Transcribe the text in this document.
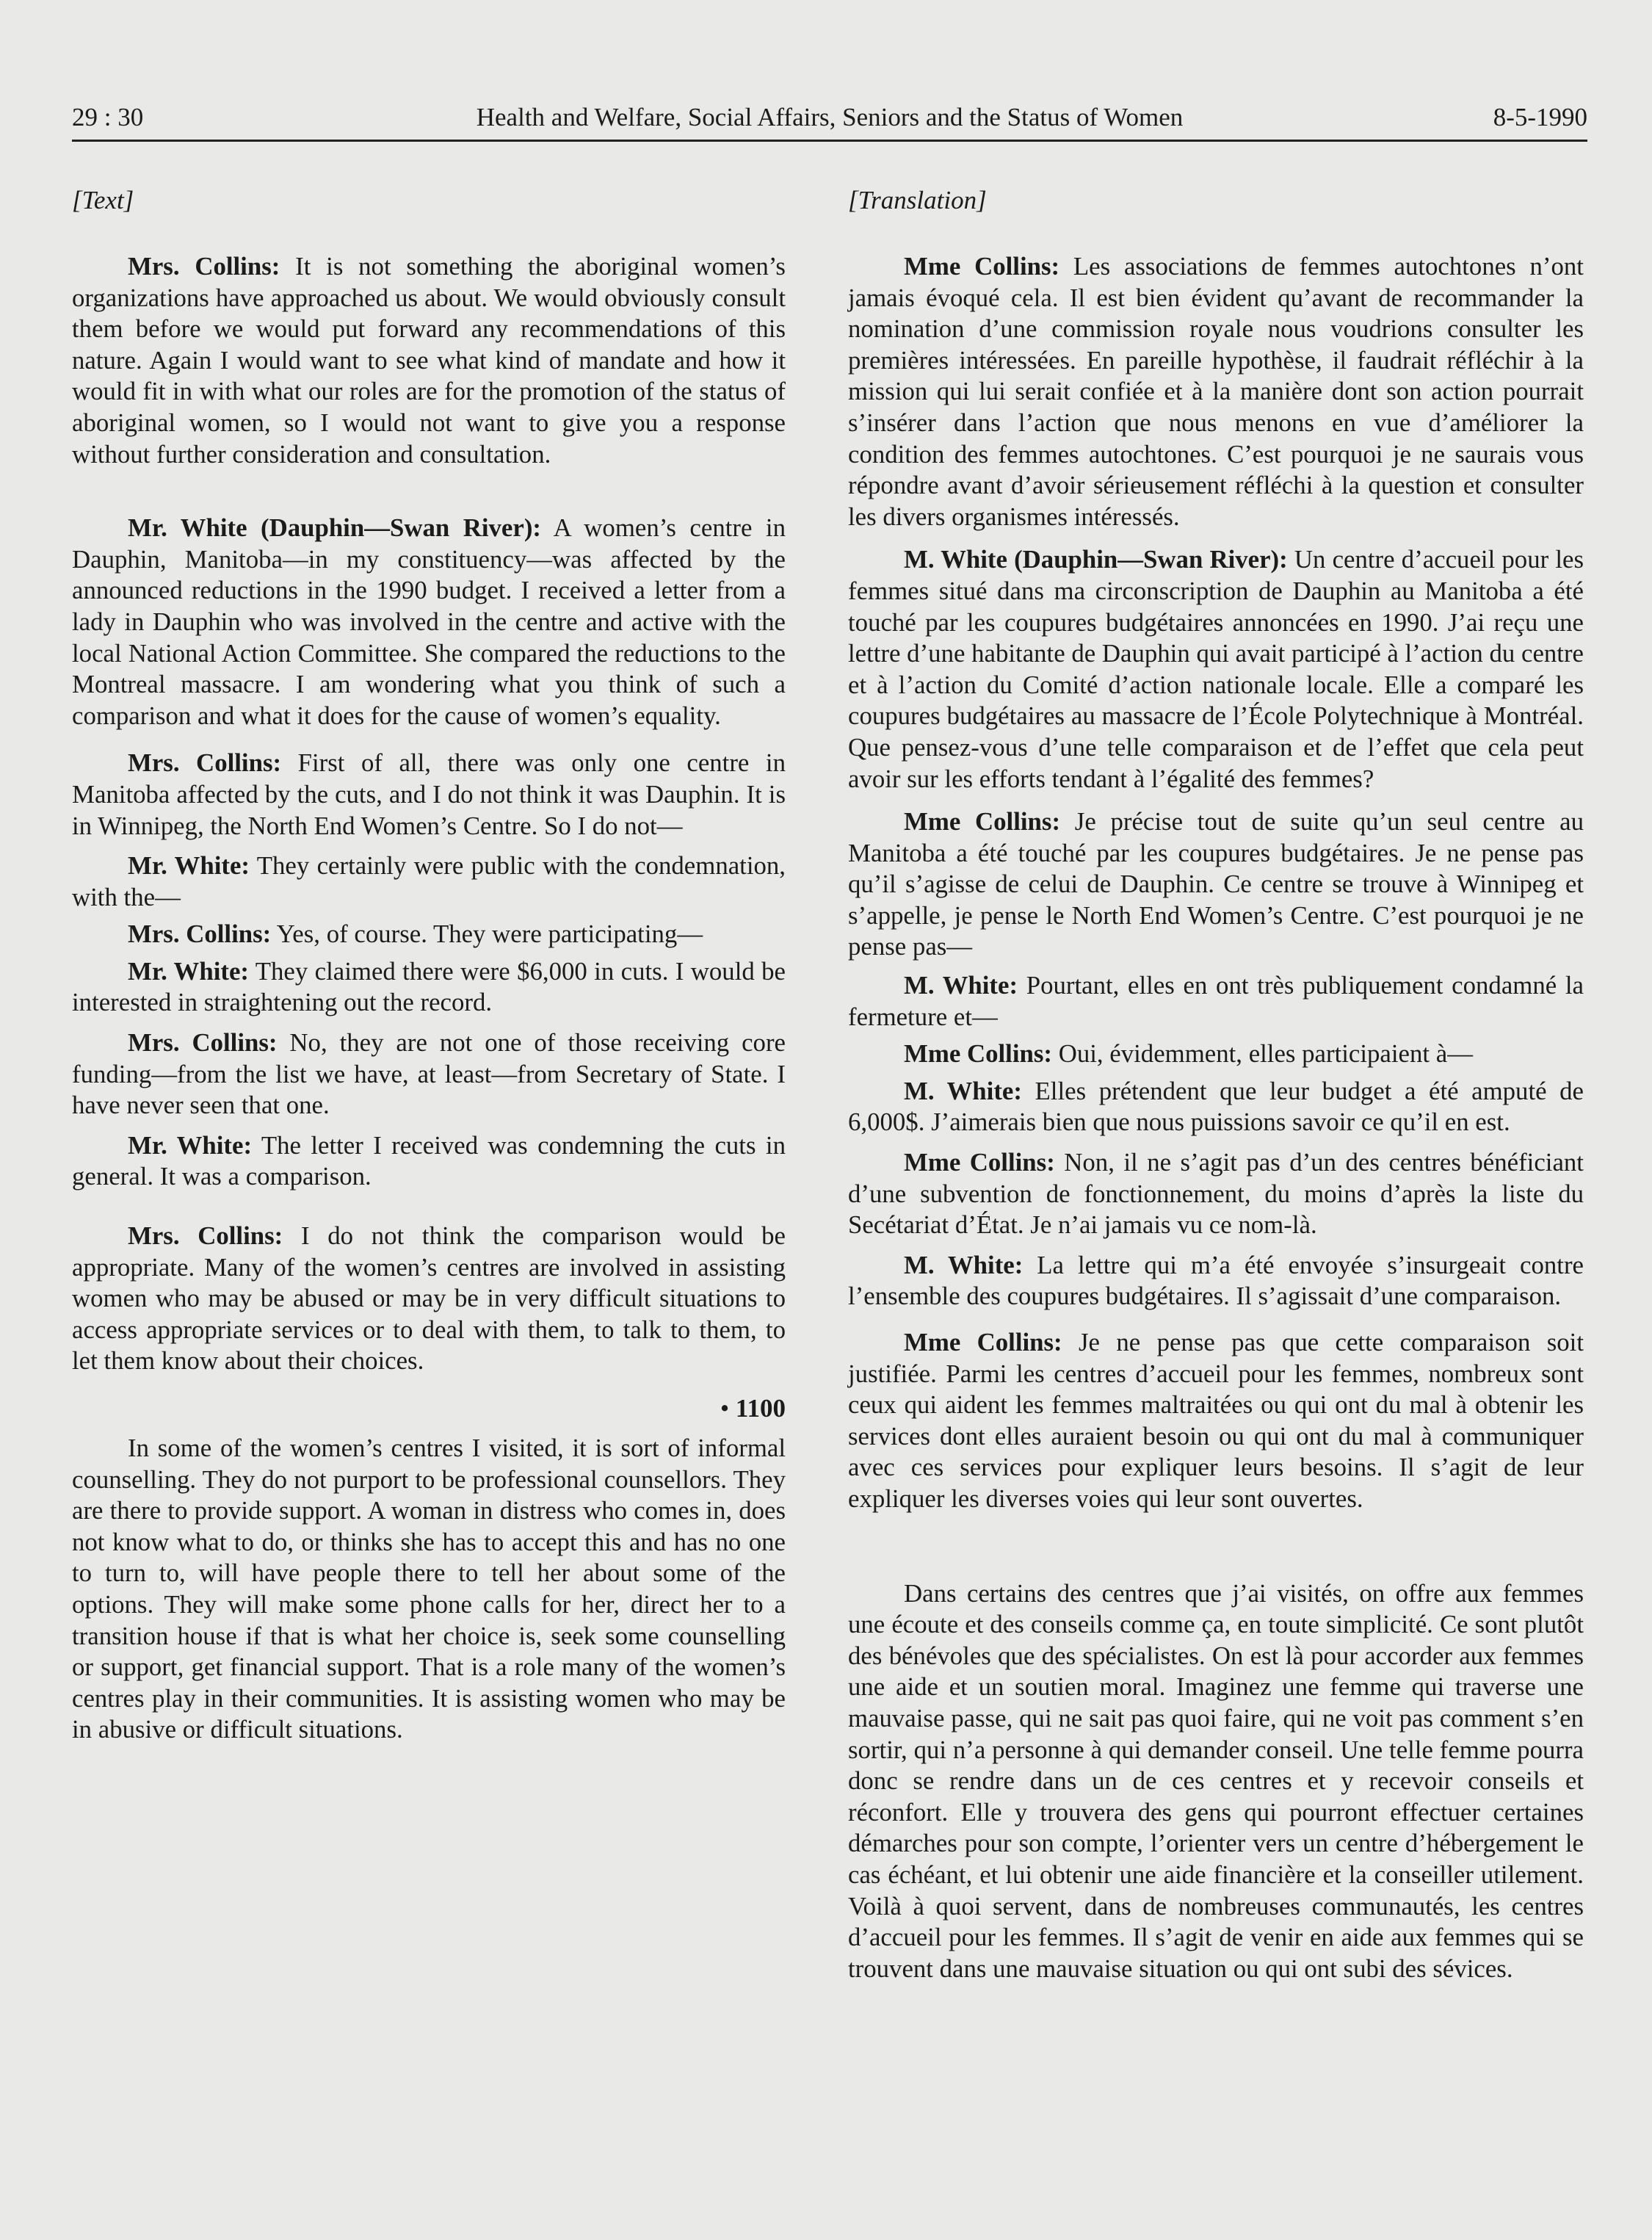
29 : 30	Health and Welfare, Social Affairs, Seniors and the Status of Women	8-5-1990
[Text]

Mrs. Collins: It is not something the aboriginal women’s organizations have approached us about. We would obviously consult them before we would put forward any recommendations of this nature. Again I would want to see what kind of mandate and how it would fit in with what our roles are for the promotion of the status of aboriginal women, so I would not want to give you a response without further consideration and consultation.

Mr. White (Dauphin—Swan River): A women’s centre in Dauphin, Manitoba—in my constituency—was affected by the announced reductions in the 1990 budget. I received a letter from a lady in Dauphin who was involved in the centre and active with the local National Action Committee. She compared the reductions to the Montreal massacre. I am wondering what you think of such a comparison and what it does for the cause of women’s equality.

Mrs. Collins: First of all, there was only one centre in Manitoba affected by the cuts, and I do not think it was Dauphin. It is in Winnipeg, the North End Women’s Centre. So I do not—

Mr. White: They certainly were public with the condemnation, with the—

Mrs. Collins: Yes, of course. They were participating—

Mr. White: They claimed there were $6,000 in cuts. I would be interested in straightening out the record.

Mrs. Collins: No, they are not one of those receiving core funding—from the list we have, at least—from Secretary of State. I have never seen that one.

Mr. White: The letter I received was condemning the cuts in general. It was a comparison.

Mrs. Collins: I do not think the comparison would be appropriate. Many of the women’s centres are involved in assisting women who may be abused or may be in very difficult situations to access appropriate services or to deal with them, to talk to them, to let them know about their choices.

• 1100

In some of the women’s centres I visited, it is sort of informal counselling. They do not purport to be professional counsellors. They are there to provide support. A woman in distress who comes in, does not know what to do, or thinks she has to accept this and has no one to turn to, will have people there to tell her about some of the options. They will make some phone calls for her, direct her to a transition house if that is what her choice is, seek some counselling or support, get financial support. That is a role many of the women’s centres play in their communities. It is assisting women who may be in abusive or difficult situations.

[Translation]

Mme Collins: Les associations de femmes autochtones n’ont jamais évoqué cela. Il est bien évident qu’avant de recommander la nomination d’une commission royale nous voudrions consulter les premières intéressées. En pareille hypothèse, il faudrait réfléchir à la mission qui lui serait confiée et à la manière dont son action pourrait s’insérer dans l’action que nous menons en vue d’améliorer la condition des femmes autochtones. C’est pourquoi je ne saurais vous répondre avant d’avoir sérieusement réfléchi à la question et consulter les divers organismes intéressés.

M. White (Dauphin—Swan River): Un centre d’accueil pour les femmes situé dans ma circonscription de Dauphin au Manitoba a été touché par les coupures budgétaires annoncées en 1990. J’ai reçu une lettre d’une habitante de Dauphin qui avait participé à l’action du centre et à l’action du Comité d’action nationale locale. Elle a comparé les coupures budgétaires au massacre de l’École Polytechnique à Montréal. Que pensez-vous d’une telle comparaison et de l’effet que cela peut avoir sur les efforts tendant à l’égalité des femmes?

Mme Collins: Je précise tout de suite qu’un seul centre au Manitoba a été touché par les coupures budgétaires. Je ne pense pas qu’il s’agisse de celui de Dauphin. Ce centre se trouve à Winnipeg et s’appelle, je pense le North End Women’s Centre. C’est pourquoi je ne pense pas—

M. White: Pourtant, elles en ont très publiquement condamné la fermeture et—

Mme Collins: Oui, évidemment, elles participaient à—

M. White: Elles prétendent que leur budget a été amputé de 6,000$. J’aimerais bien que nous puissions savoir ce qu’il en est.

Mme Collins: Non, il ne s’agit pas d’un des centres bénéficiant d’une subvention de fonctionnement, du moins d’après la liste du Secétariat d’État. Je n’ai jamais vu ce nom-là.

M. White: La lettre qui m’a été envoyée s’insurgeait contre l’ensemble des coupures budgétaires. Il s’agissait d’une comparaison.

Mme Collins: Je ne pense pas que cette comparaison soit justifiée. Parmi les centres d’accueil pour les femmes, nombreux sont ceux qui aident les femmes maltraitées ou qui ont du mal à obtenir les services dont elles auraient besoin ou qui ont du mal à communiquer avec ces services pour expliquer leurs besoins. Il s’agit de leur expliquer les diverses voies qui leur sont ouvertes.

Dans certains des centres que j’ai visités, on offre aux femmes une écoute et des conseils comme ça, en toute simplicité. Ce sont plutôt des bénévoles que des spécialistes. On est là pour accorder aux femmes une aide et un soutien moral. Imaginez une femme qui traverse une mauvaise passe, qui ne sait pas quoi faire, qui ne voit pas comment s’en sortir, qui n’a personne à qui demander conseil. Une telle femme pourra donc se rendre dans un de ces centres et y recevoir conseils et réconfort. Elle y trouvera des gens qui pourront effectuer certaines démarches pour son compte, l’orienter vers un centre d’hébergement le cas échéant, et lui obtenir une aide financière et la conseiller utilement. Voilà à quoi servent, dans de nombreuses communautés, les centres d’accueil pour les femmes. Il s’agit de venir en aide aux femmes qui se trouvent dans une mauvaise situation ou qui ont subi des sévices.
